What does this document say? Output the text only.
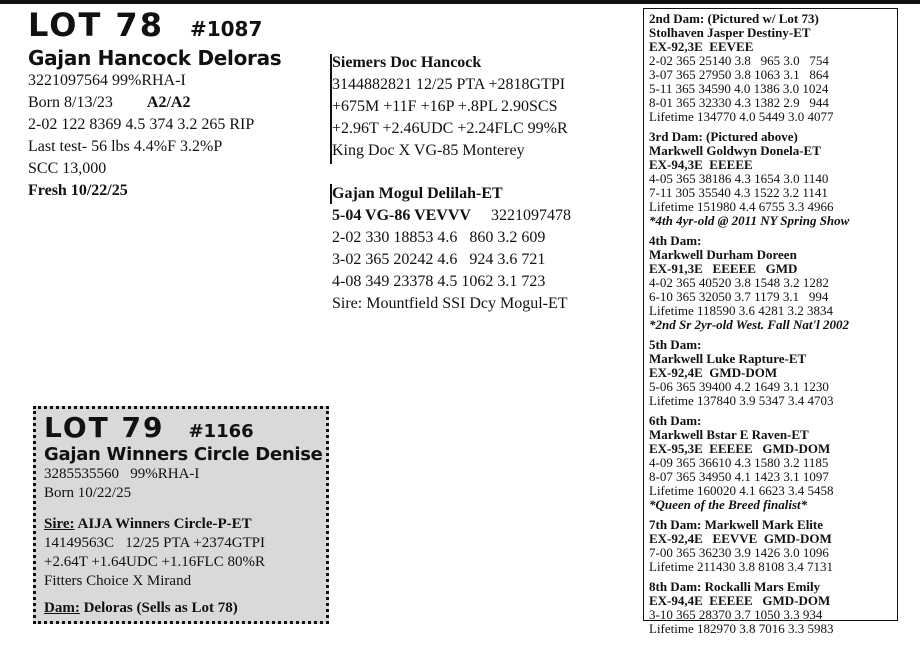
LOT 78 #1087
Gajan Hancock Deloras
3221097564 99%RHA-I
Born 8/13/23 A2/A2
2-02 122 8369 4.5 374 3.2 265 RIP
Last test- 56 lbs 4.4%F 3.2%P
SCC 13,000
Fresh 10/22/25
Siemers Doc Hancock
3144882821 12/25 PTA +2818GTPI
+675M +11F +16P +.8PL 2.90SCS
+2.96T +2.46UDC +2.24FLC 99%R
King Doc X VG-85 Monterey
Gajan Mogul Delilah-ET
5-04 VG-86 VEVVV 3221097478
2-02 330 18853 4.6   860 3.2 609
3-02 365 20242 4.6   924 3.6 721
4-08 349 23378 4.5 1062 3.1 723
Sire: Mountfield SSI Dcy Mogul-ET
LOT 79 #1166
Gajan Winners Circle Denise
3285535560   99%RHA-I
Born 10/22/25
Sire: AIJA Winners Circle-P-ET
14149563C   12/25 PTA +2374GTPI
+2.64T +1.64UDC +1.16FLC 80%R
Fitters Choice X Mirand
Dam: Deloras (Sells as Lot 78)
2nd Dam: (Pictured w/ Lot 73)
Stolhaven Jasper Destiny-ET
EX-92,3E  EEVEE
2-02 365 25140 3.8   965 3.0   754
3-07 365 27950 3.8 1063 3.1   864
5-11 365 34590 4.0 1386 3.0 1024
8-01 365 32330 4.3 1382 2.9   944
Lifetime 134770 4.0 5449 3.0 4077
3rd Dam: (Pictured above)
Markwell Goldwyn Donela-ET
EX-94,3E  EEEEE
4-05 365 38186 4.3 1654 3.0 1140
7-11 305 35540 4.3 1522 3.2 1141
Lifetime 151980 4.4 6755 3.3 4966
*4th 4yr-old @ 2011 NY Spring Show
4th Dam:
Markwell Durham Doreen
EX-91,3E   EEEEE   GMD
4-02 365 40520 3.8 1548 3.2 1282
6-10 365 32050 3.7 1179 3.1   994
Lifetime 118590 3.6 4281 3.2 3834
*2nd Sr 2yr-old West. Fall Nat'l 2002
5th Dam:
Markwell Luke Rapture-ET
EX-92,4E  GMD-DOM
5-06 365 39400 4.2 1649 3.1 1230
Lifetime 137840 3.9 5347 3.4 4703
6th Dam:
Markwell Bstar E Raven-ET
EX-95,3E  EEEEE   GMD-DOM
4-09 365 36610 4.3 1580 3.2 1185
8-07 365 34950 4.1 1423 3.1 1097
Lifetime 160020 4.1 6623 3.4 5458
*Queen of the Breed finalist*
7th Dam: Markwell Mark Elite
EX-92,4E   EEVVE  GMD-DOM
7-00 365 36230 3.9 1426 3.0 1096
Lifetime 211430 3.8 8108 3.4 7131
8th Dam: Rockalli Mars Emily
EX-94,4E  EEEEE   GMD-DOM
3-10 365 28370 3.7 1050 3.3 934
Lifetime 182970 3.8 7016 3.3 5983
